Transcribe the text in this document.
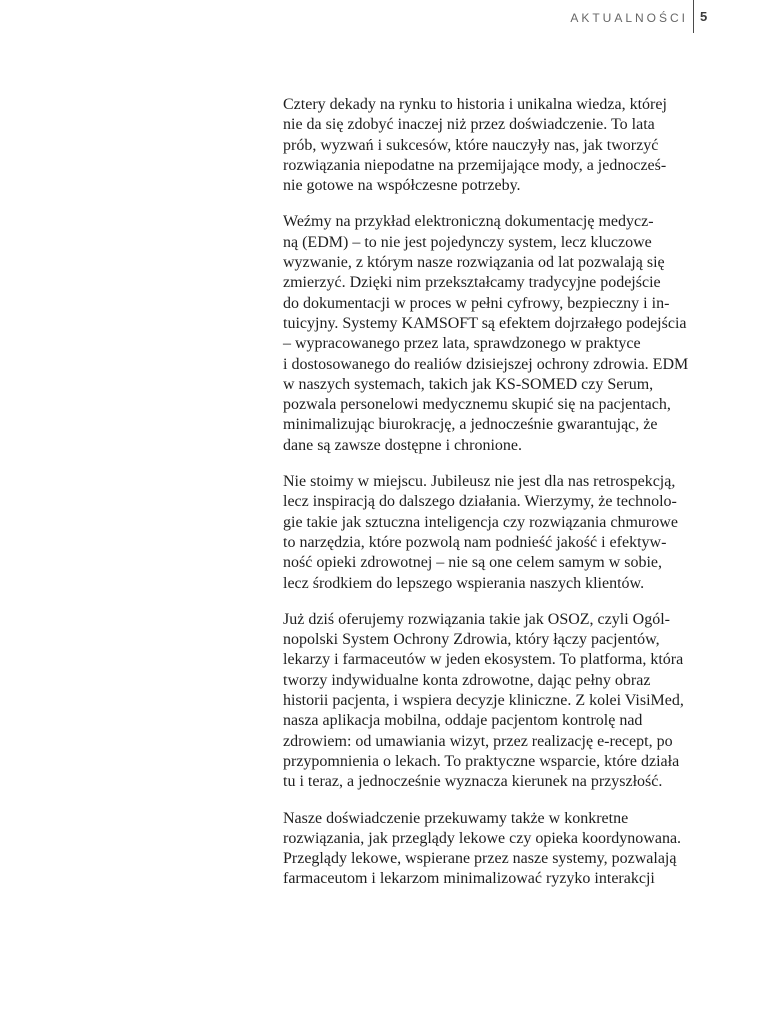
AKTUALNOŚCI 5

Cztery dekady na rynku to historia i unikalna wiedza, której
nie da się zdobyć inaczej niż przez doświadczenie. To lata
prób, wyzwań i sukcesów, które nauczyły nas, jak tworzyć
rozwiązania niepodatne na przemijające mody, a jednocześ-
nie gotowe na współczesne potrzeby.

Weźmy na przykład elektroniczną dokumentację medycz-
ną (EDM) – to nie jest pojedynczy system, lecz kluczowe
wyzwanie, z którym nasze rozwiązania od lat pozwalają się
zmierzyć. Dzięki nim przekształcamy tradycyjne podejście
do dokumentacji w proces w pełni cyfrowy, bezpieczny i in-
tuicyjny. Systemy KAMSOFT są efektem dojrzałego podejścia
– wypracowanego przez lata, sprawdzonego w praktyce
i dostosowanego do realiów dzisiejszej ochrony zdrowia. EDM
w naszych systemach, takich jak KS-SOMED czy Serum,
pozwala personelowi medycznemu skupić się na pacjentach,
minimalizując biurokrację, a jednocześnie gwarantując, że
dane są zawsze dostępne i chronione.

Nie stoimy w miejscu. Jubileusz nie jest dla nas retrospekcją,
lecz inspiracją do dalszego działania. Wierzymy, że technolo-
gie takie jak sztuczna inteligencja czy rozwiązania chmurowe
to narzędzia, które pozwolą nam podnieść jakość i efektyw-
ność opieki zdrowotnej – nie są one celem samym w sobie,
lecz środkiem do lepszego wspierania naszych klientów.

Już dziś oferujemy rozwiązania takie jak OSOZ, czyli Ogól-
nopolski System Ochrony Zdrowia, który łączy pacjentów,
lekarzy i farmaceutów w jeden ekosystem. To platforma, która
tworzy indywidualne konta zdrowotne, dając pełny obraz
historii pacjenta, i wspiera decyzje kliniczne. Z kolei VisiMed,
nasza aplikacja mobilna, oddaje pacjentom kontrolę nad
zdrowiem: od umawiania wizyt, przez realizację e-recept, po
przypomnienia o lekach. To praktyczne wsparcie, które działa
tu i teraz, a jednocześnie wyznacza kierunek na przyszłość.

Nasze doświadczenie przekuwamy także w konkretne
rozwiązania, jak przeglądy lekowe czy opieka koordynowana.
Przeglądy lekowe, wspierane przez nasze systemy, pozwalają
farmaceutom i lekarzom minimalizować ryzyko interakcji
